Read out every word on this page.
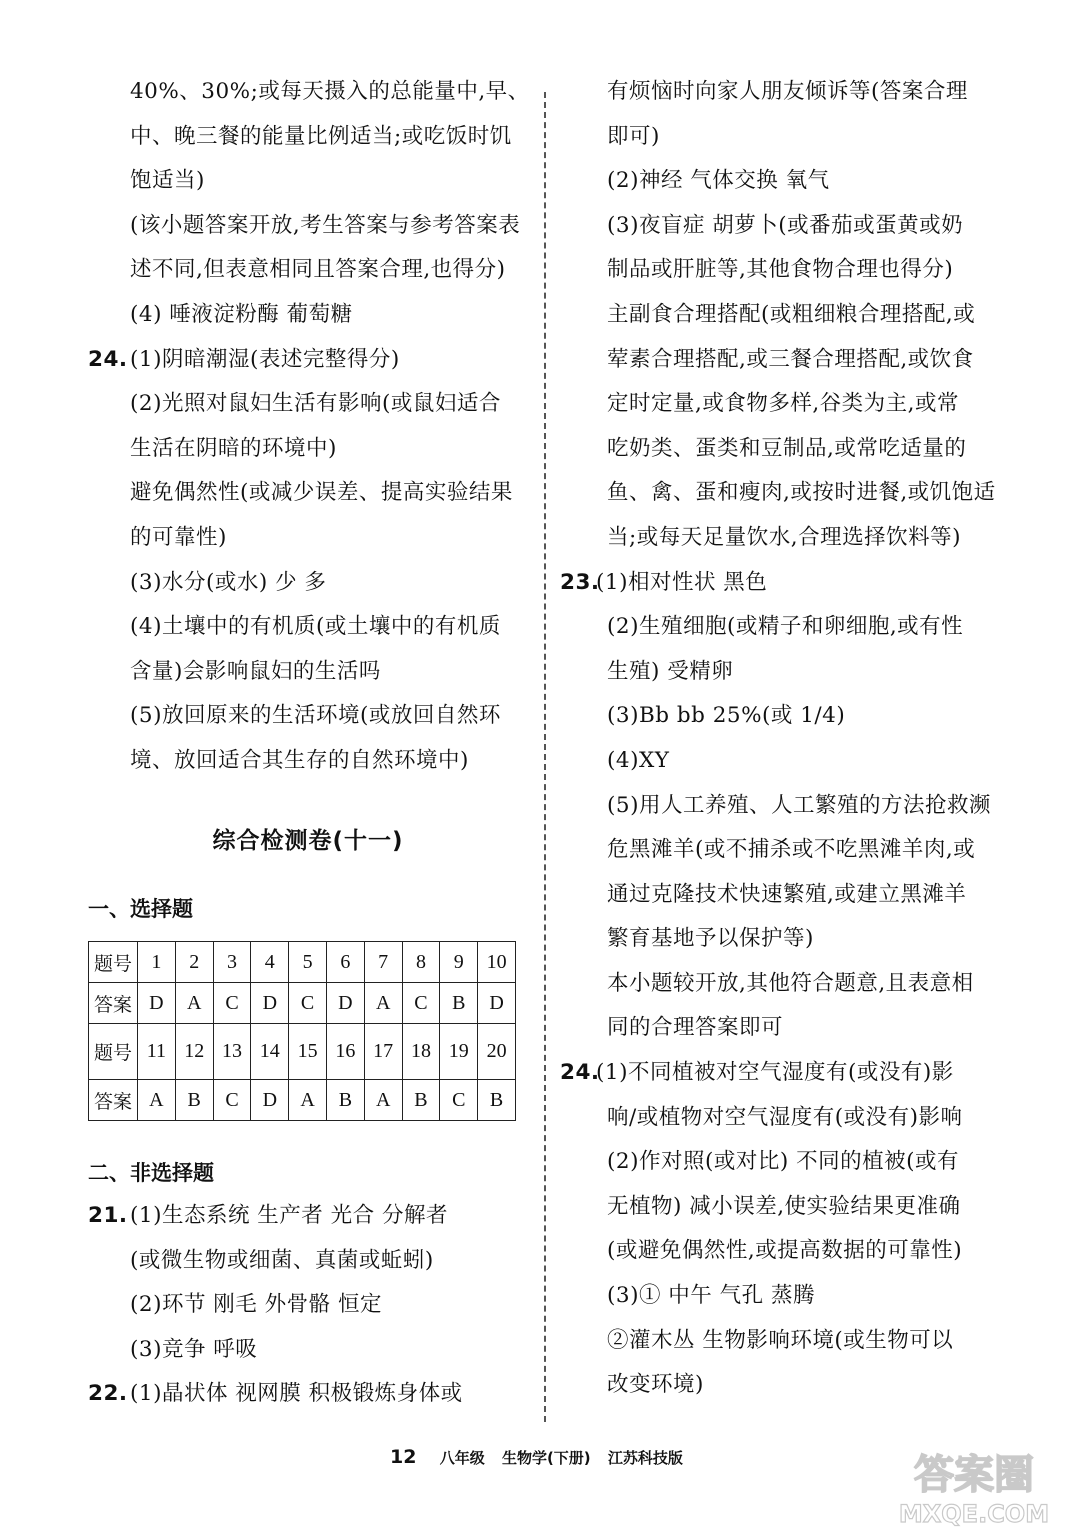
40%、30%;或每天摄入的总能量中,早、
中、晚三餐的能量比例适当;或吃饭时饥
饱适当)
(该小题答案开放,考生答案与参考答案表
述不同,但表意相同且答案合理,也得分)
(4) 唾液淀粉酶 葡萄糖
24. (1)阴暗潮湿(表述完整得分)
(2)光照对鼠妇生活有影响(或鼠妇适合
生活在阴暗的环境中)
避免偶然性(或减少误差、提高实验结果
的可靠性)
(3)水分(或水) 少 多
(4)土壤中的有机质(或土壤中的有机质
含量)会影响鼠妇的生活吗
(5)放回原来的生活环境(或放回自然环
境、放回适合其生存的自然环境中)
综合检测卷(十一)
一、选择题
题号	1	2	3	4	5	6	7	8	9	10
答案	D	A	C	D	C	D	A	C	B	D
题号	11	12	13	14	15	16	17	18	19	20
答案	A	B	C	D	A	B	A	B	C	B
二、非选择题
21. (1)生态系统 生产者 光合 分解者
(或微生物或细菌、真菌或蚯蚓)
(2)环节 刚毛 外骨骼 恒定
(3)竞争 呼吸
22. (1)晶状体 视网膜 积极锻炼身体或
有烦恼时向家人朋友倾诉等(答案合理
即可)
(2)神经 气体交换 氧气
(3)夜盲症 胡萝卜(或番茄或蛋黄或奶
制品或肝脏等,其他食物合理也得分)
主副食合理搭配(或粗细粮合理搭配,或
荤素合理搭配,或三餐合理搭配,或饮食
定时定量,或食物多样,谷类为主,或常
吃奶类、蛋类和豆制品,或常吃适量的
鱼、禽、蛋和瘦肉,或按时进餐,或饥饱适
当;或每天足量饮水,合理选择饮料等)
23.(1)相对性状 黑色
(2)生殖细胞(或精子和卵细胞,或有性
生殖) 受精卵
(3)Bb bb 25%(或 1/4)
(4)XY
(5)用人工养殖、人工繁殖的方法抢救濒
危黑滩羊(或不捕杀或不吃黑滩羊肉,或
通过克隆技术快速繁殖,或建立黑滩羊
繁育基地予以保护等)
本小题较开放,其他符合题意,且表意相
同的合理答案即可
24.(1)不同植被对空气湿度有(或没有)影
响/或植物对空气湿度有(或没有)影响
(2)作对照(或对比) 不同的植被(或有
无植物) 减小误差,使实验结果更准确
(或避免偶然性,或提高数据的可靠性)
(3)① 中午 气孔 蒸腾
②灌木丛 生物影响环境(或生物可以
改变环境)
12 八年级 生物学(下册) 江苏科技版	答案圈
MXQE.COM
